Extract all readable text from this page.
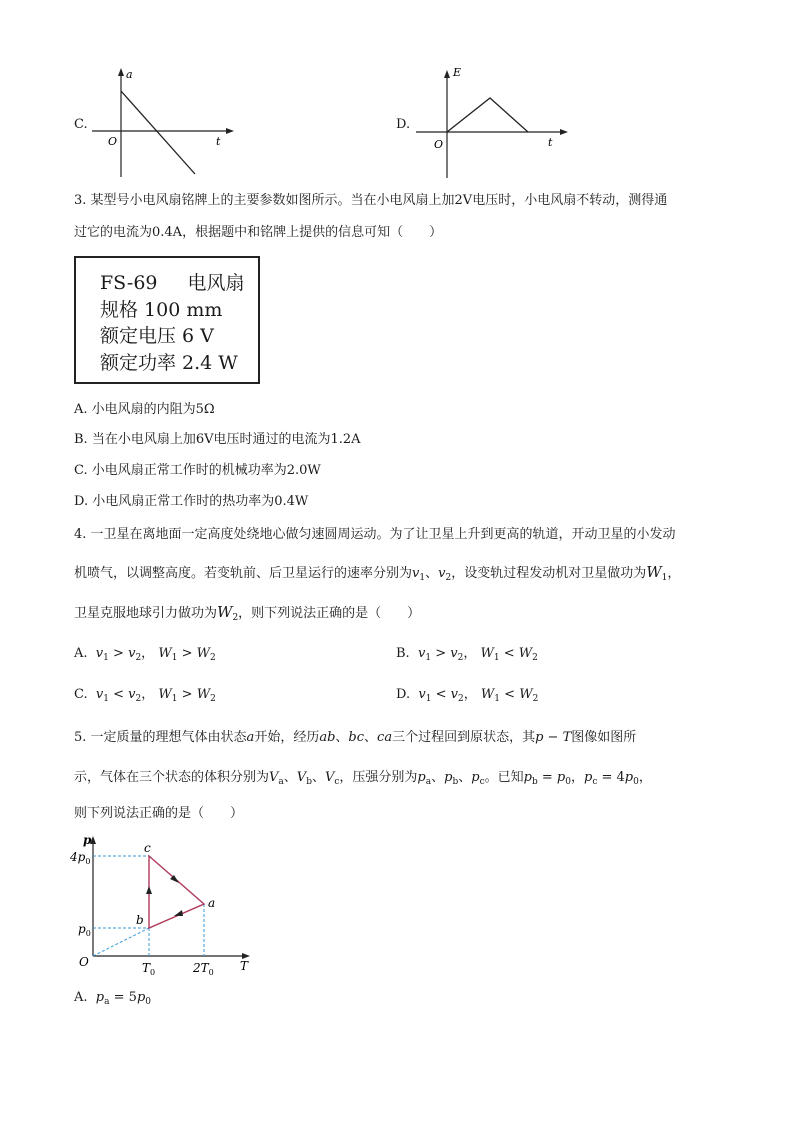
C.
a
t
O
D.
E
t
O
3. 某型号小电风扇铭牌上的主要参数如图所示。当在小电风扇上加2V电压时，小电风扇不转动，测得通
过它的电流为0.4A，根据题中和铭牌上提供的信息可知（　　）
FS-69 电风扇
规格 100 mm
额定电压 6 V
额定功率 2.4 W
A. 小电风扇的内阻为5Ω
B. 当在小电风扇上加6V电压时通过的电流为1.2A
C. 小电风扇正常工作时的机械功率为2.0W
D. 小电风扇正常工作时的热功率为0.4W
4. 一卫星在离地面一定高度处绕地心做匀速圆周运动。为了让卫星上升到更高的轨道，开动卫星的小发动
机喷气，以调整高度。若变轨前、后卫星运行的速率分别为$v_1$、$v_2$，设变轨过程发动机对卫星做功为$W_1$，
卫星克服地球引力做功为$W_2$，则下列说法正确的是（　　）
A. $v_1 > v_2$， $W_1 > W_2$	B. $v_1 > v_2$， $W_1 < W_2$
C. $v_1 < v_2$， $W_1 > W_2$	D. $v_1 < v_2$， $W_1 < W_2$
5. 一定质量的理想气体由状态a开始，经历ab、bc、ca三个过程回到原状态，其p − T图像如图所
示，气体在三个状态的体积分别为$V_a$、$V_b$、$V_c$，压强分别为$p_a$、$p_b$、$p_c$。已知$p_b = p_0$，$p_c = 4p_0$，
则下列说法正确的是（　　）
p
T
O
$4p_0$
$p_0$
$T_0$	$2T_0$
a
b
c
A. $p_a = 5p_0$
